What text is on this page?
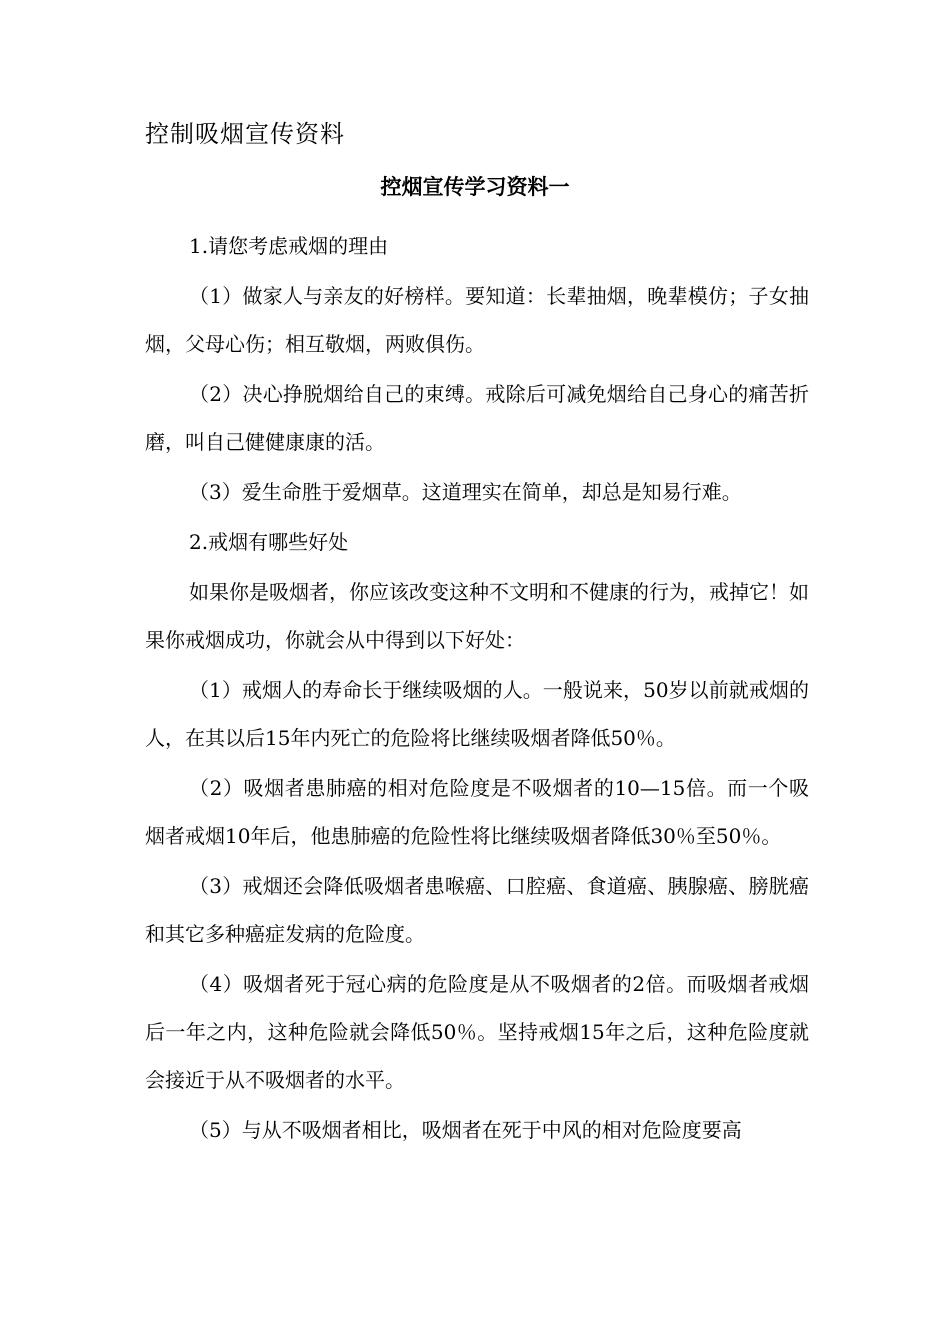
控制吸烟宣传资料
控烟宣传学习资料一

1.请您考虑戒烟的理由

（1）做家人与亲友的好榜样。要知道：长辈抽烟，晚辈模仿；子女抽烟，父母心伤；相互敬烟，两败俱伤。

（2）决心挣脱烟给自己的束缚。戒除后可减免烟给自己身心的痛苦折磨，叫自己健健康康的活。

（3）爱生命胜于爱烟草。这道理实在简单，却总是知易行难。

2.戒烟有哪些好处

如果你是吸烟者，你应该改变这种不文明和不健康的行为，戒掉它！如果你戒烟成功，你就会从中得到以下好处：

（1）戒烟人的寿命长于继续吸烟的人。一般说来，50岁以前就戒烟的人，在其以后15年内死亡的危险将比继续吸烟者降低50％。

（2）吸烟者患肺癌的相对危险度是不吸烟者的10—15倍。而一个吸烟者戒烟10年后，他患肺癌的危险性将比继续吸烟者降低30％至50％。

（3）戒烟还会降低吸烟者患喉癌、口腔癌、食道癌、胰腺癌、膀胱癌和其它多种癌症发病的危险度。

（4）吸烟者死于冠心病的危险度是从不吸烟者的2倍。而吸烟者戒烟后一年之内，这种危险就会降低50％。坚持戒烟15年之后，这种危险度就会接近于从不吸烟者的水平。

（5）与从不吸烟者相比，吸烟者在死于中风的相对危险度要高
